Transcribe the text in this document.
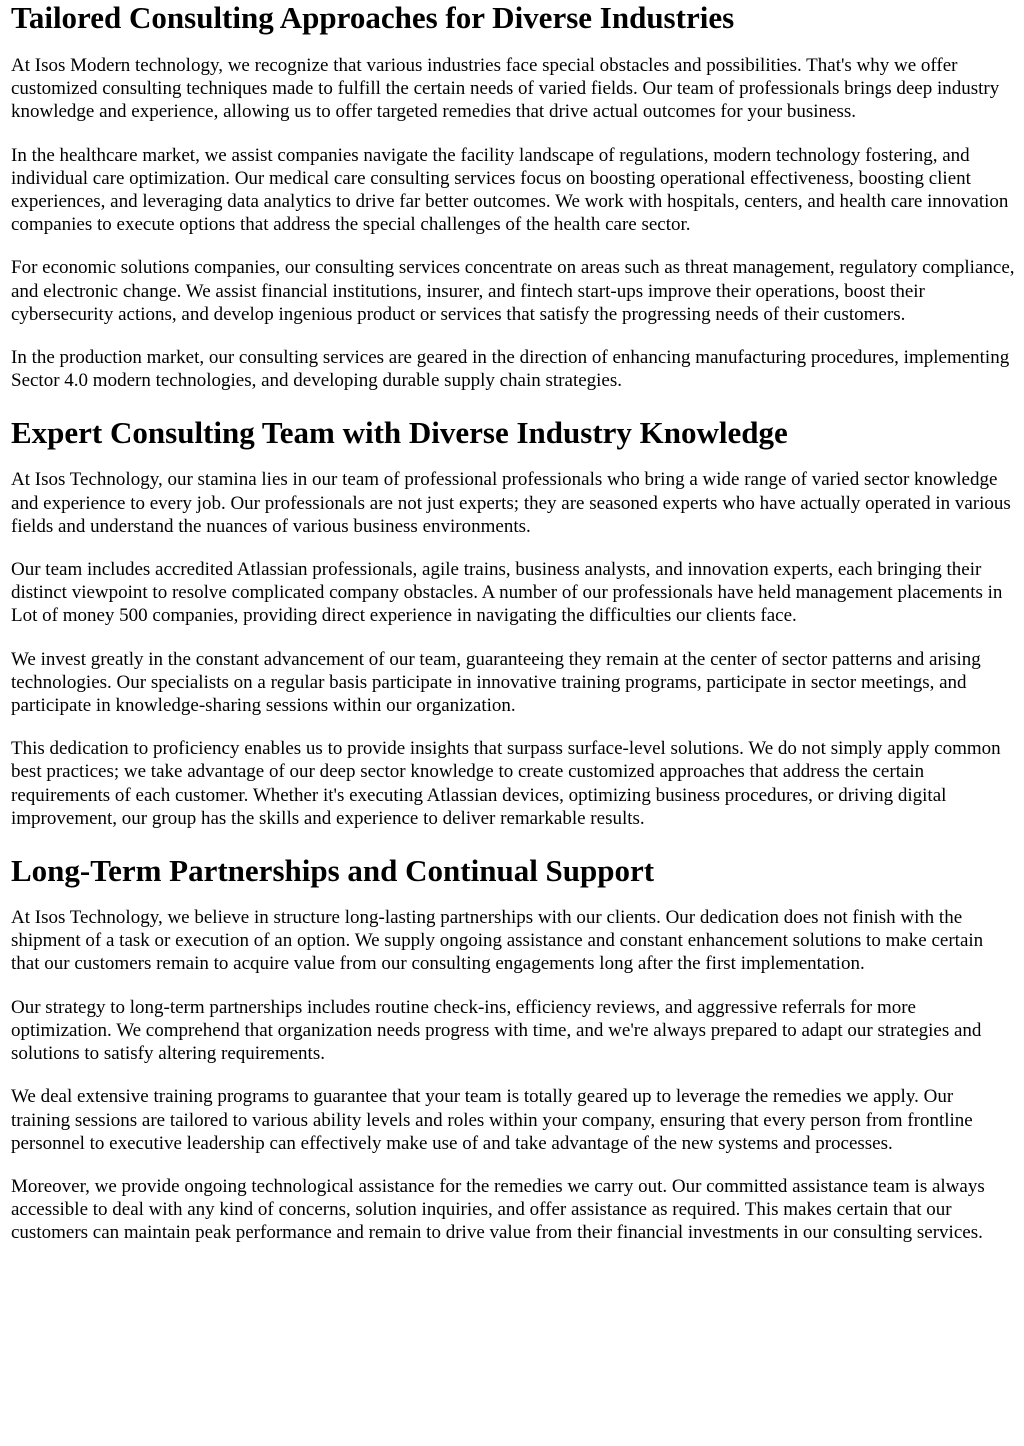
Tailored Consulting Approaches for Diverse Industries

At Isos Modern technology, we recognize that various industries face special obstacles and possibilities. That's why we offer customized consulting techniques made to fulfill the certain needs of varied fields. Our team of professionals brings deep industry knowledge and experience, allowing us to offer targeted remedies that drive actual outcomes for your business.

In the healthcare market, we assist companies navigate the facility landscape of regulations, modern technology fostering, and individual care optimization. Our medical care consulting services focus on boosting operational effectiveness, boosting client experiences, and leveraging data analytics to drive far better outcomes. We work with hospitals, centers, and health care innovation companies to execute options that address the special challenges of the health care sector.

For economic solutions companies, our consulting services concentrate on areas such as threat management, regulatory compliance, and electronic change. We assist financial institutions, insurer, and fintech start-ups improve their operations, boost their cybersecurity actions, and develop ingenious product or services that satisfy the progressing needs of their customers.

In the production market, our consulting services are geared in the direction of enhancing manufacturing procedures, implementing Sector 4.0 modern technologies, and developing durable supply chain strategies.

Expert Consulting Team with Diverse Industry Knowledge

At Isos Technology, our stamina lies in our team of professional professionals who bring a wide range of varied sector knowledge and experience to every job. Our professionals are not just experts; they are seasoned experts who have actually operated in various fields and understand the nuances of various business environments.

Our team includes accredited Atlassian professionals, agile trains, business analysts, and innovation experts, each bringing their distinct viewpoint to resolve complicated company obstacles. A number of our professionals have held management placements in Lot of money 500 companies, providing direct experience in navigating the difficulties our clients face.

We invest greatly in the constant advancement of our team, guaranteeing they remain at the center of sector patterns and arising technologies. Our specialists on a regular basis participate in innovative training programs, participate in sector meetings, and participate in knowledge-sharing sessions within our organization.

This dedication to proficiency enables us to provide insights that surpass surface-level solutions. We do not simply apply common best practices; we take advantage of our deep sector knowledge to create customized approaches that address the certain requirements of each customer. Whether it's executing Atlassian devices, optimizing business procedures, or driving digital improvement, our group has the skills and experience to deliver remarkable results.

Long-Term Partnerships and Continual Support

At Isos Technology, we believe in structure long-lasting partnerships with our clients. Our dedication does not finish with the shipment of a task or execution of an option. We supply ongoing assistance and constant enhancement solutions to make certain that our customers remain to acquire value from our consulting engagements long after the first implementation.

Our strategy to long-term partnerships includes routine check-ins, efficiency reviews, and aggressive referrals for more optimization. We comprehend that organization needs progress with time, and we're always prepared to adapt our strategies and solutions to satisfy altering requirements.

We deal extensive training programs to guarantee that your team is totally geared up to leverage the remedies we apply. Our training sessions are tailored to various ability levels and roles within your company, ensuring that every person from frontline personnel to executive leadership can effectively make use of and take advantage of the new systems and processes.

Moreover, we provide ongoing technological assistance for the remedies we carry out. Our committed assistance team is always accessible to deal with any kind of concerns, solution inquiries, and offer assistance as required. This makes certain that our customers can maintain peak performance and remain to drive value from their financial investments in our consulting services.
